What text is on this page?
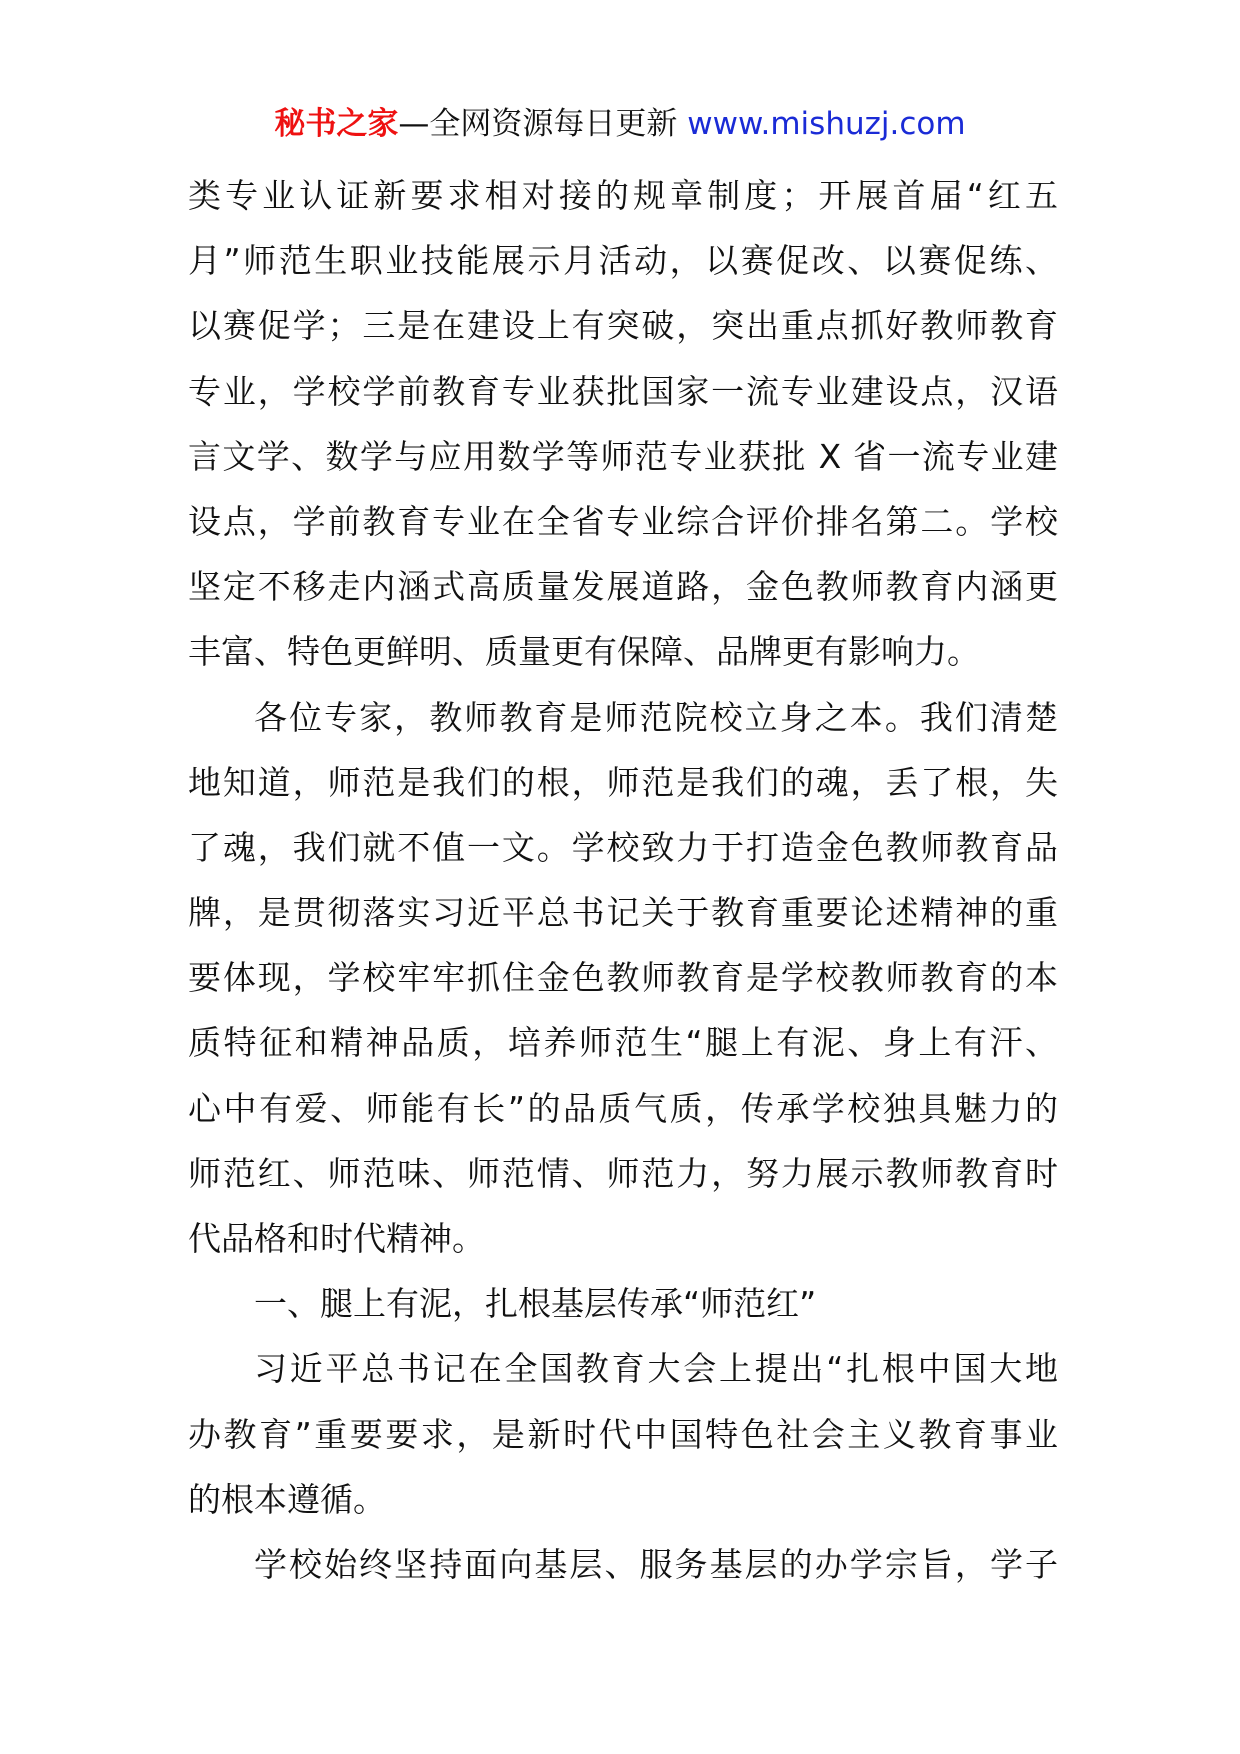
秘书之家—全网资源每日更新 www.mishuzj.com
类专业认证新要求相对接的规章制度；开展首届“红五
月”师范生职业技能展示月活动，以赛促改、以赛促练、
以赛促学；三是在建设上有突破，突出重点抓好教师教育
专业，学校学前教育专业获批国家一流专业建设点，汉语
言文学、数学与应用数学等师范专业获批 X 省一流专业建
设点，学前教育专业在全省专业综合评价排名第二。学校
坚定不移走内涵式高质量发展道路，金色教师教育内涵更
丰富、特色更鲜明、质量更有保障、品牌更有影响力。
各位专家，教师教育是师范院校立身之本。我们清楚
地知道，师范是我们的根，师范是我们的魂，丢了根，失
了魂，我们就不值一文。学校致力于打造金色教师教育品
牌，是贯彻落实习近平总书记关于教育重要论述精神的重
要体现，学校牢牢抓住金色教师教育是学校教师教育的本
质特征和精神品质，培养师范生“腿上有泥、身上有汗、
心中有爱、师能有长”的品质气质，传承学校独具魅力的
师范红、师范味、师范情、师范力，努力展示教师教育时
代品格和时代精神。
一、腿上有泥，扎根基层传承“师范红”
习近平总书记在全国教育大会上提出“扎根中国大地
办教育”重要要求，是新时代中国特色社会主义教育事业
的根本遵循。
学校始终坚持面向基层、服务基层的办学宗旨，学子
